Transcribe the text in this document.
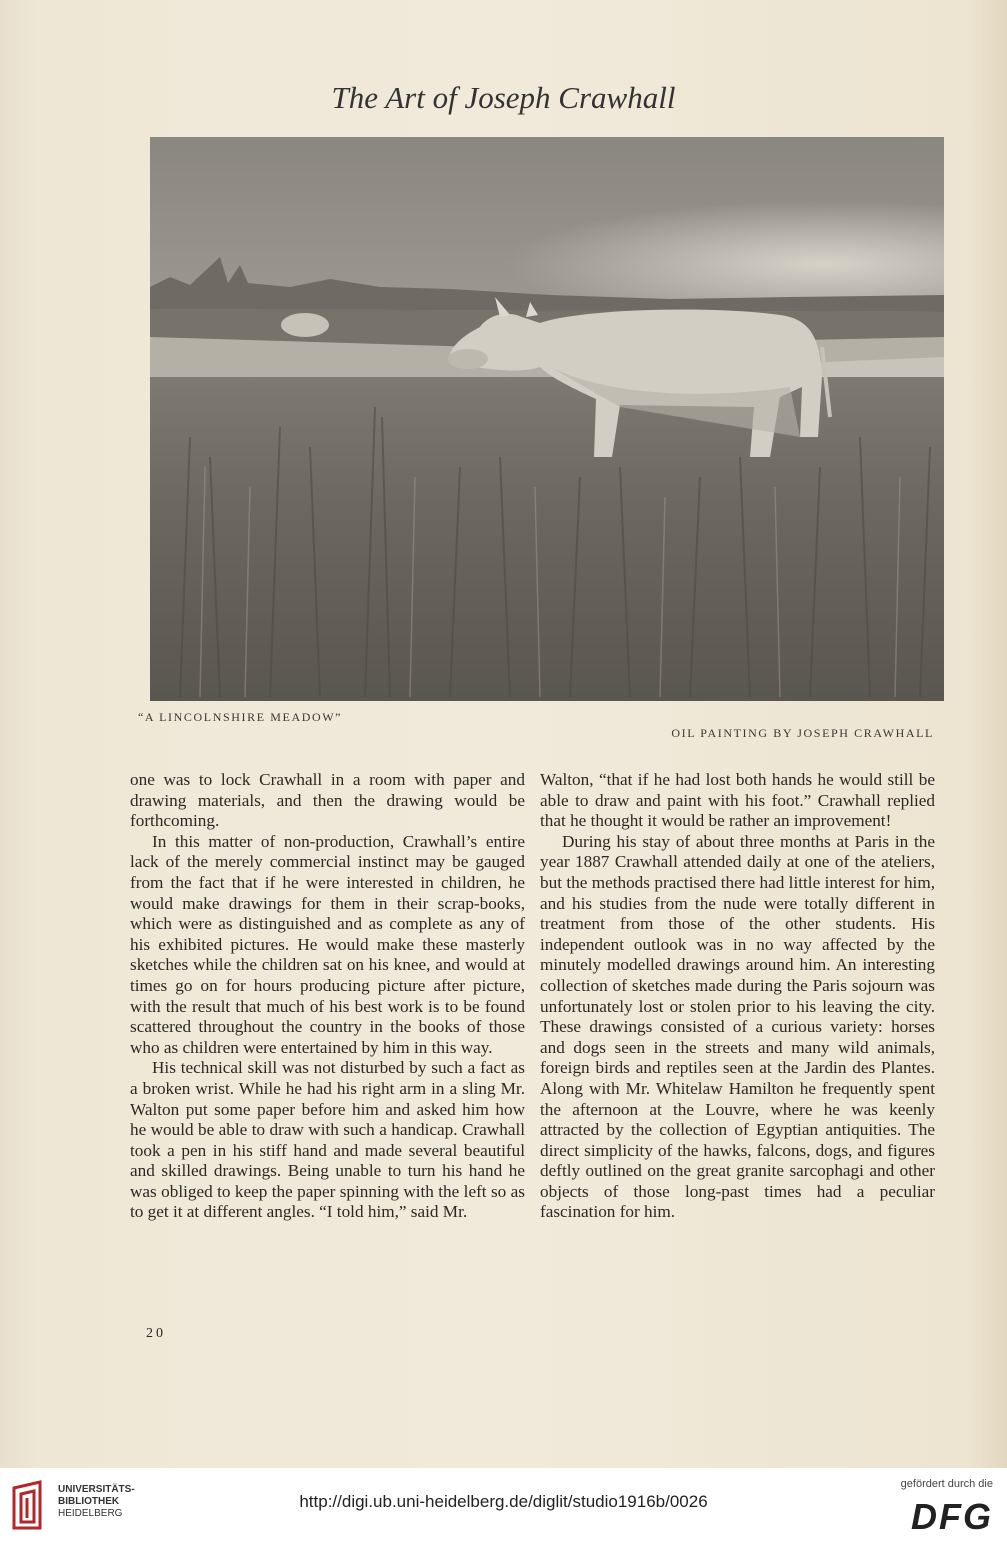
The Art of Joseph Crawhall
“A LINCOLNSHIRE MEADOW”
OIL PAINTING BY JOSEPH CRAWHALL

one was to lock Crawhall in a room with paper and drawing materials, and then the drawing would be forthcoming.

In this matter of non-production, Crawhall’s entire lack of the merely commercial instinct may be gauged from the fact that if he were interested in children, he would make drawings for them in their scrap-books, which were as distinguished and as complete as any of his exhibited pictures. He would make these masterly sketches while the children sat on his knee, and would at times go on for hours producing picture after picture, with the result that much of his best work is to be found scattered throughout the country in the books of those who as children were entertained by him in this way.

His technical skill was not disturbed by such a fact as a broken wrist. While he had his right arm in a sling Mr. Walton put some paper before him and asked him how he would be able to draw with such a handicap. Crawhall took a pen in his stiff hand and made several beautiful and skilled drawings. Being unable to turn his hand he was obliged to keep the paper spinning with the left so as to get it at different angles. “I told him,” said Mr.

Walton, “that if he had lost both hands he would still be able to draw and paint with his foot.” Crawhall replied that he thought it would be rather an improvement!

During his stay of about three months at Paris in the year 1887 Crawhall attended daily at one of the ateliers, but the methods practised there had little interest for him, and his studies from the nude were totally different in treatment from those of the other students. His independent outlook was in no way affected by the minutely modelled drawings around him. An interesting collection of sketches made during the Paris sojourn was unfortunately lost or stolen prior to his leaving the city. These drawings consisted of a curious variety: horses and dogs seen in the streets and many wild animals, foreign birds and reptiles seen at the Jardin des Plantes. Along with Mr. Whitelaw Hamilton he frequently spent the afternoon at the Louvre, where he was keenly attracted by the collection of Egyptian antiquities. The direct simplicity of the hawks, falcons, dogs, and figures deftly outlined on the great granite sarcophagi and other objects of those long-past times had a peculiar fascination for him.

20
UNIVERSITÄTS-
BIBLIOTHEK
HEIDELBERG
http://digi.ub.uni-heidelberg.de/diglit/studio1916b/0026
gefördert durch die
DFG
